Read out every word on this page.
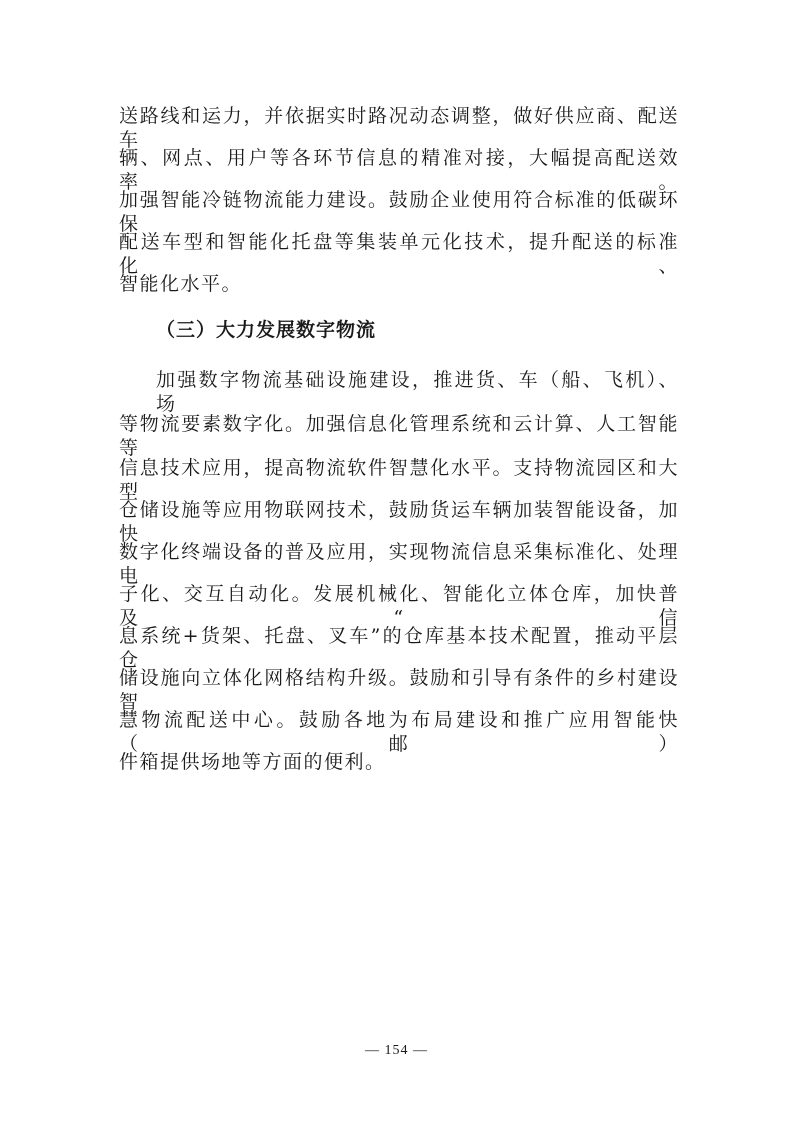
送路线和运力，并依据实时路况动态调整，做好供应商、配送车
辆、网点、用户等各环节信息的精准对接，大幅提高配送效率。
加强智能冷链物流能力建设。鼓励企业使用符合标准的低碳环保
配送车型和智能化托盘等集装单元化技术，提升配送的标准化、
智能化水平。
（三）大力发展数字物流
加强数字物流基础设施建设，推进货、车（船、飞机）、场
等物流要素数字化。加强信息化管理系统和云计算、人工智能等
信息技术应用，提高物流软件智慧化水平。支持物流园区和大型
仓储设施等应用物联网技术，鼓励货运车辆加装智能设备，加快
数字化终端设备的普及应用，实现物流信息采集标准化、处理电
子化、交互自动化。发展机械化、智能化立体仓库，加快普及“信
息系统+货架、托盘、叉车”的仓库基本技术配置，推动平层仓
储设施向立体化网格结构升级。鼓励和引导有条件的乡村建设智
慧物流配送中心。鼓励各地为布局建设和推广应用智能快（邮）
件箱提供场地等方面的便利。
— 154 —
